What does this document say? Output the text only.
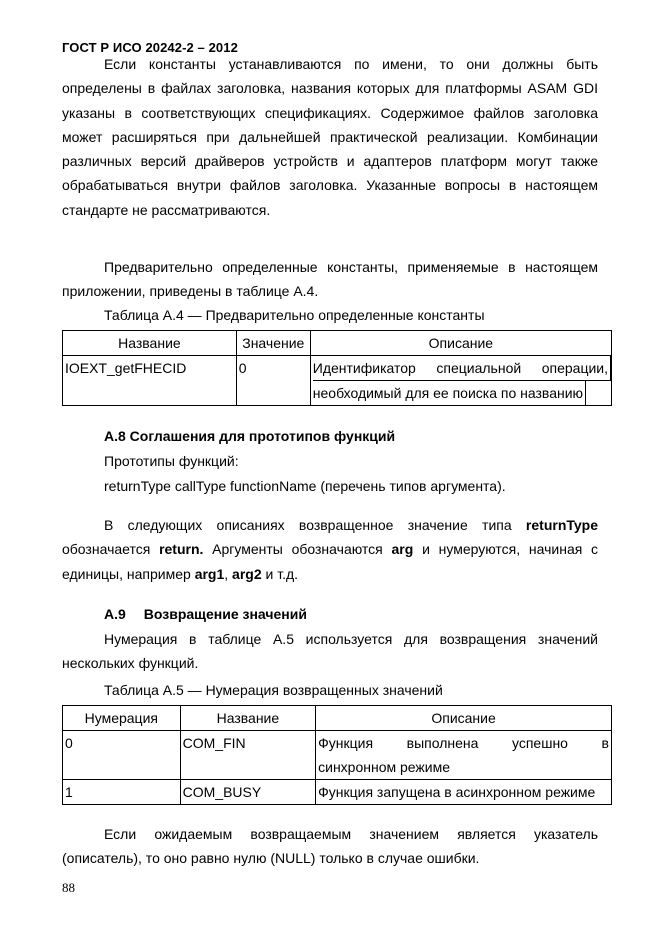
ГОСТ Р ИСО 20242-2 – 2012
Если константы устанавливаются по имени, то они должны быть определены в файлах заголовка, названия которых для платформы ASAM GDI указаны в соответствующих спецификациях. Содержимое файлов заголовка может расширяться при дальнейшей практической реализации. Комбинации различных версий драйверов устройств и адаптеров платформ могут также обрабатываться внутри файлов заголовка. Указанные вопросы в настоящем стандарте не рассматриваются.
Предварительно определенные константы, применяемые в настоящем приложении, приведены в таблице А.4.
Таблица А.4 — Предварительно определенные константы
Название	Значение	Описание
IOEXT_getFHECID	0	Идентификатор специальной операции,
необходимый для ее поиска по названию
А.8 Соглашения для прототипов функций
Прототипы функций:
returnType callType functionName (перечень типов аргумента).
В следующих описаниях возвращенное значение типа returnType обозначается return. Аргументы обозначаются arg и нумеруются, начиная с единицы, например arg1, arg2 и т.д.
А.9 Возвращение значений
Нумерация в таблице А.5 используется для возвращения значений нескольких функций.
Таблица А.5 — Нумерация возвращенных значений
Нумерация	Название	Описание
0	COM_FIN	Функция выполнена успешно в
синхронном режиме

1	COM_BUSY	Функция запущена в асинхронном режиме
Если ожидаемым возвращаемым значением является указатель (описатель), то оно равно нулю (NULL) только в случае ошибки.
88
